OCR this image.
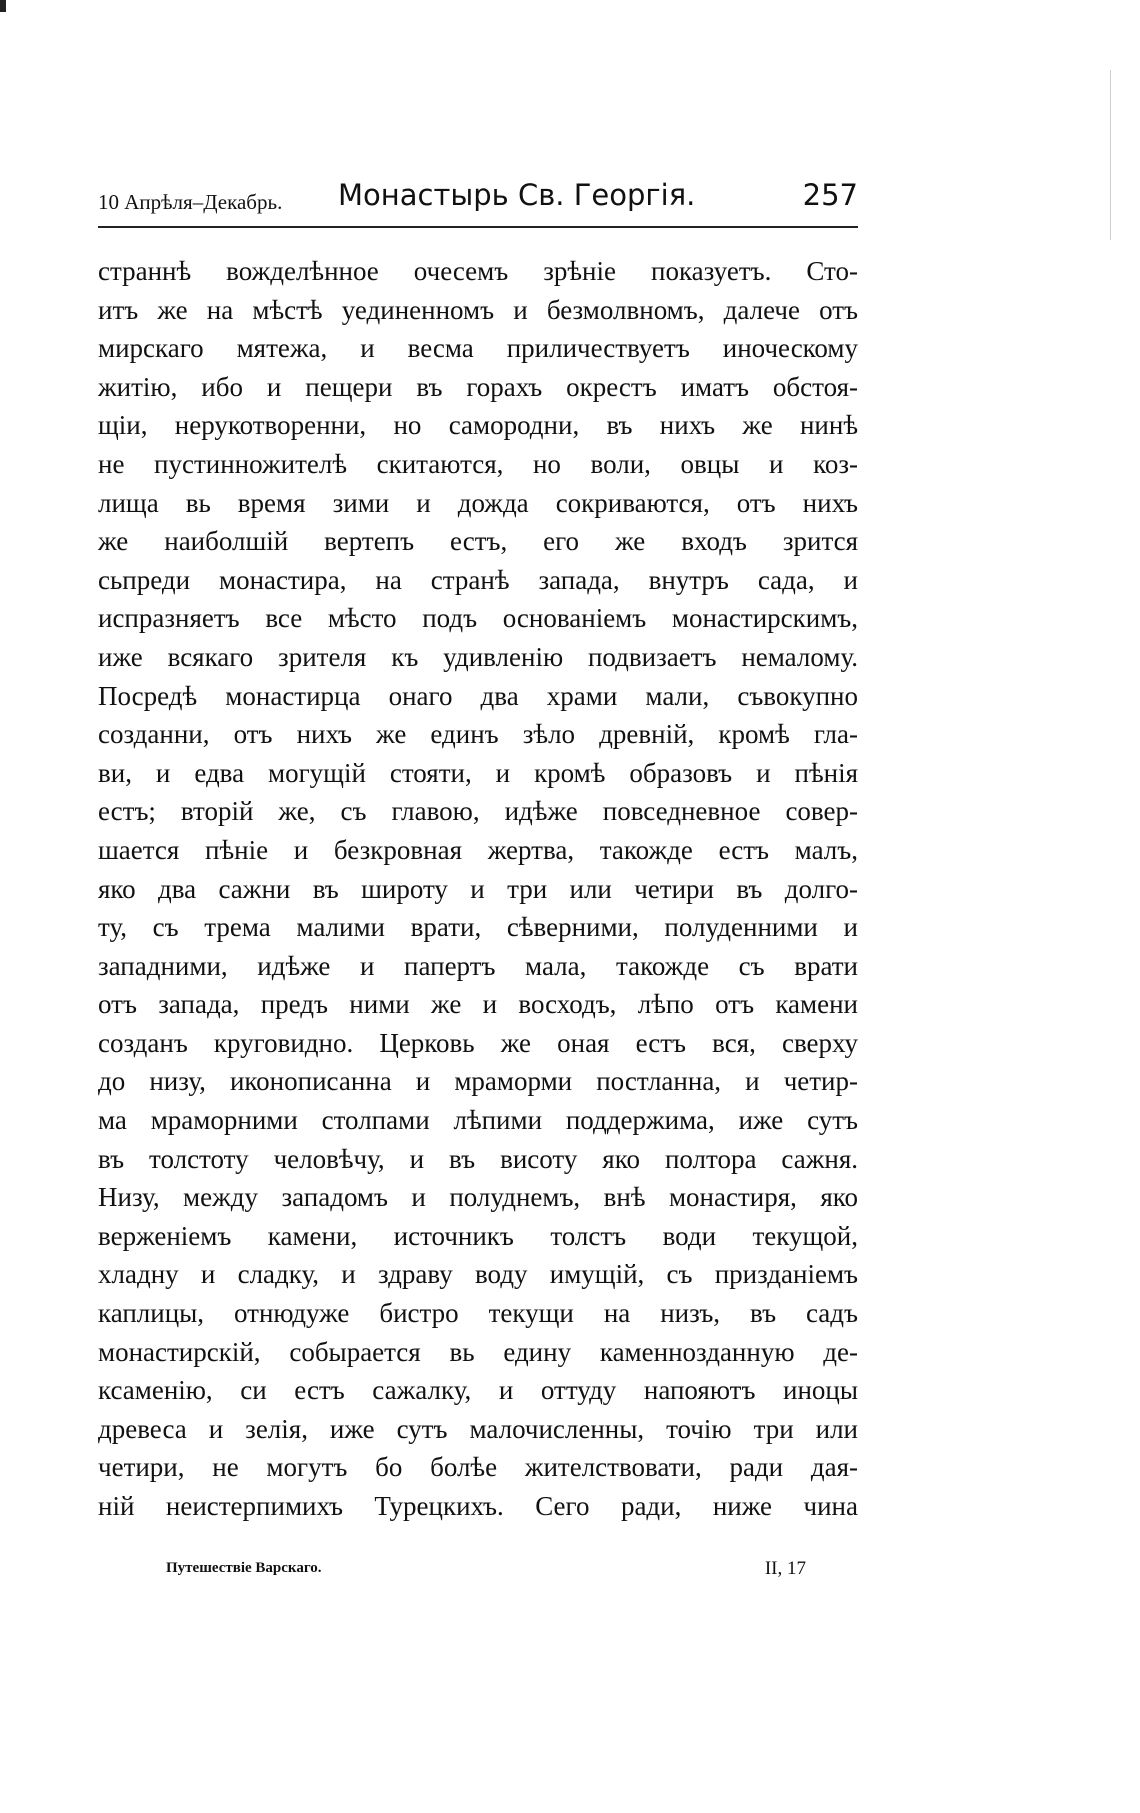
10 Апрѣля–Декабрь. Монастырь Св. Георгія.	257
страннѣ вожделѣнное очесемъ зрѣніе показуетъ. Сто-
итъ же на мѣстѣ уединенномъ и безмолвномъ, далече отъ
мирскаго мятежа, и весма приличествуетъ иноческому
житію, ибо и пещери въ горахъ окрестъ иматъ обстоя-
щіи, нерукотворенни, но самородни, въ нихъ же нинѣ
не пустинножителѣ скитаются, но воли, овцы и коз-
лища вь время зими и дождa сокриваются, отъ нихъ
же наиболшій вертепъ естъ, его же входъ зрится
сьпреди монастира, на странѣ запада, внутръ сада, и
испразняетъ все мѣсто подъ основаніемъ монастирскимъ,
иже всякаго зрителя къ удивленію подвизаетъ немалому.
Посредѣ монастирца онаго два храми мали, съвокупно
созданни, отъ нихъ же единъ зѣло древній, кромѣ гла-
ви, и едва могущій стояти, и кромѣ образовъ и пѣнія
естъ; вторій же, съ главою, идѣже повседневное совер-
шается пѣніе и безкровная жертва, такожде естъ малъ,
яко два сажни въ широту и три или четири въ долго-
ту, съ трема малими врати, сѣверними, полуденними и
западними, идѣже и папертъ мала, такожде съ врати
отъ запада, предъ ними же и восходъ, лѣпо отъ камени
созданъ круговидно. Церковь же оная естъ вся, сверху
до низу, иконописанна и мраморми постланна, и четир-
ма мраморними столпами лѣпими поддержима, иже сутъ
въ толстоту человѣчу, и въ висоту яко полтора сажня.
Низу, между западомъ и полуднемъ, внѣ монастиря, яко
верженіемъ камени, источникъ толстъ води текущой,
хладну и сладку, и здраву воду имущій, съ призданіемъ
каплицы, отнюдуже бистро текущи на низъ, въ садъ
монастирскій, собырается вь едину каменнозданную де-
ксаменію, си естъ сажалку, и оттуду напояютъ иноцы
древеса и зелія, иже сутъ малочисленны, точію три или
четири, не могутъ бо болѣе жителствовати, ради дая-
ній неистерпимихъ Турецкихъ. Сего ради, ниже чина
Путешествіе Варскаго.	II, 17
